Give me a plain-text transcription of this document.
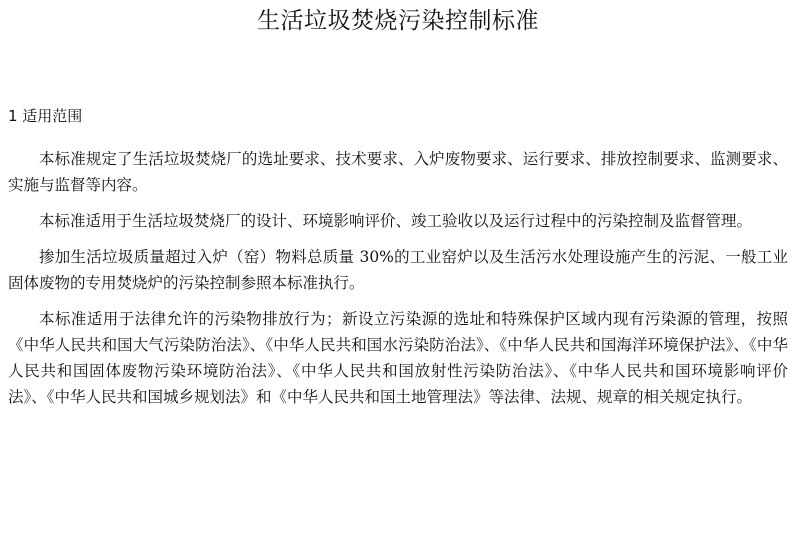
生活垃圾焚烧污染控制标准
1 适用范围

本标准规定了生活垃圾焚烧厂的选址要求、技术要求、入炉废物要求、运行要求、排放控制要求、监测要求、实施与监督等内容。

本标准适用于生活垃圾焚烧厂的设计、环境影响评价、竣工验收以及运行过程中的污染控制及监督管理。

掺加生活垃圾质量超过入炉（窑）物料总质量 30%的工业窑炉以及生活污水处理设施产生的污泥、一般工业固体废物的专用焚烧炉的污染控制参照本标准执行。

本标准适用于法律允许的污染物排放行为；新设立污染源的选址和特殊保护区域内现有污染源的管理，按照《中华人民共和国大气污染防治法》、《中华人民共和国水污染防治法》、《中华人民共和国海洋环境保护法》、《中华人民共和国固体废物污染环境防治法》、《中华人民共和国放射性污染防治法》、《中华人民共和国环境影响评价法》、《中华人民共和国城乡规划法》和《中华人民共和国土地管理法》等法律、法规、规章的相关规定执行。
